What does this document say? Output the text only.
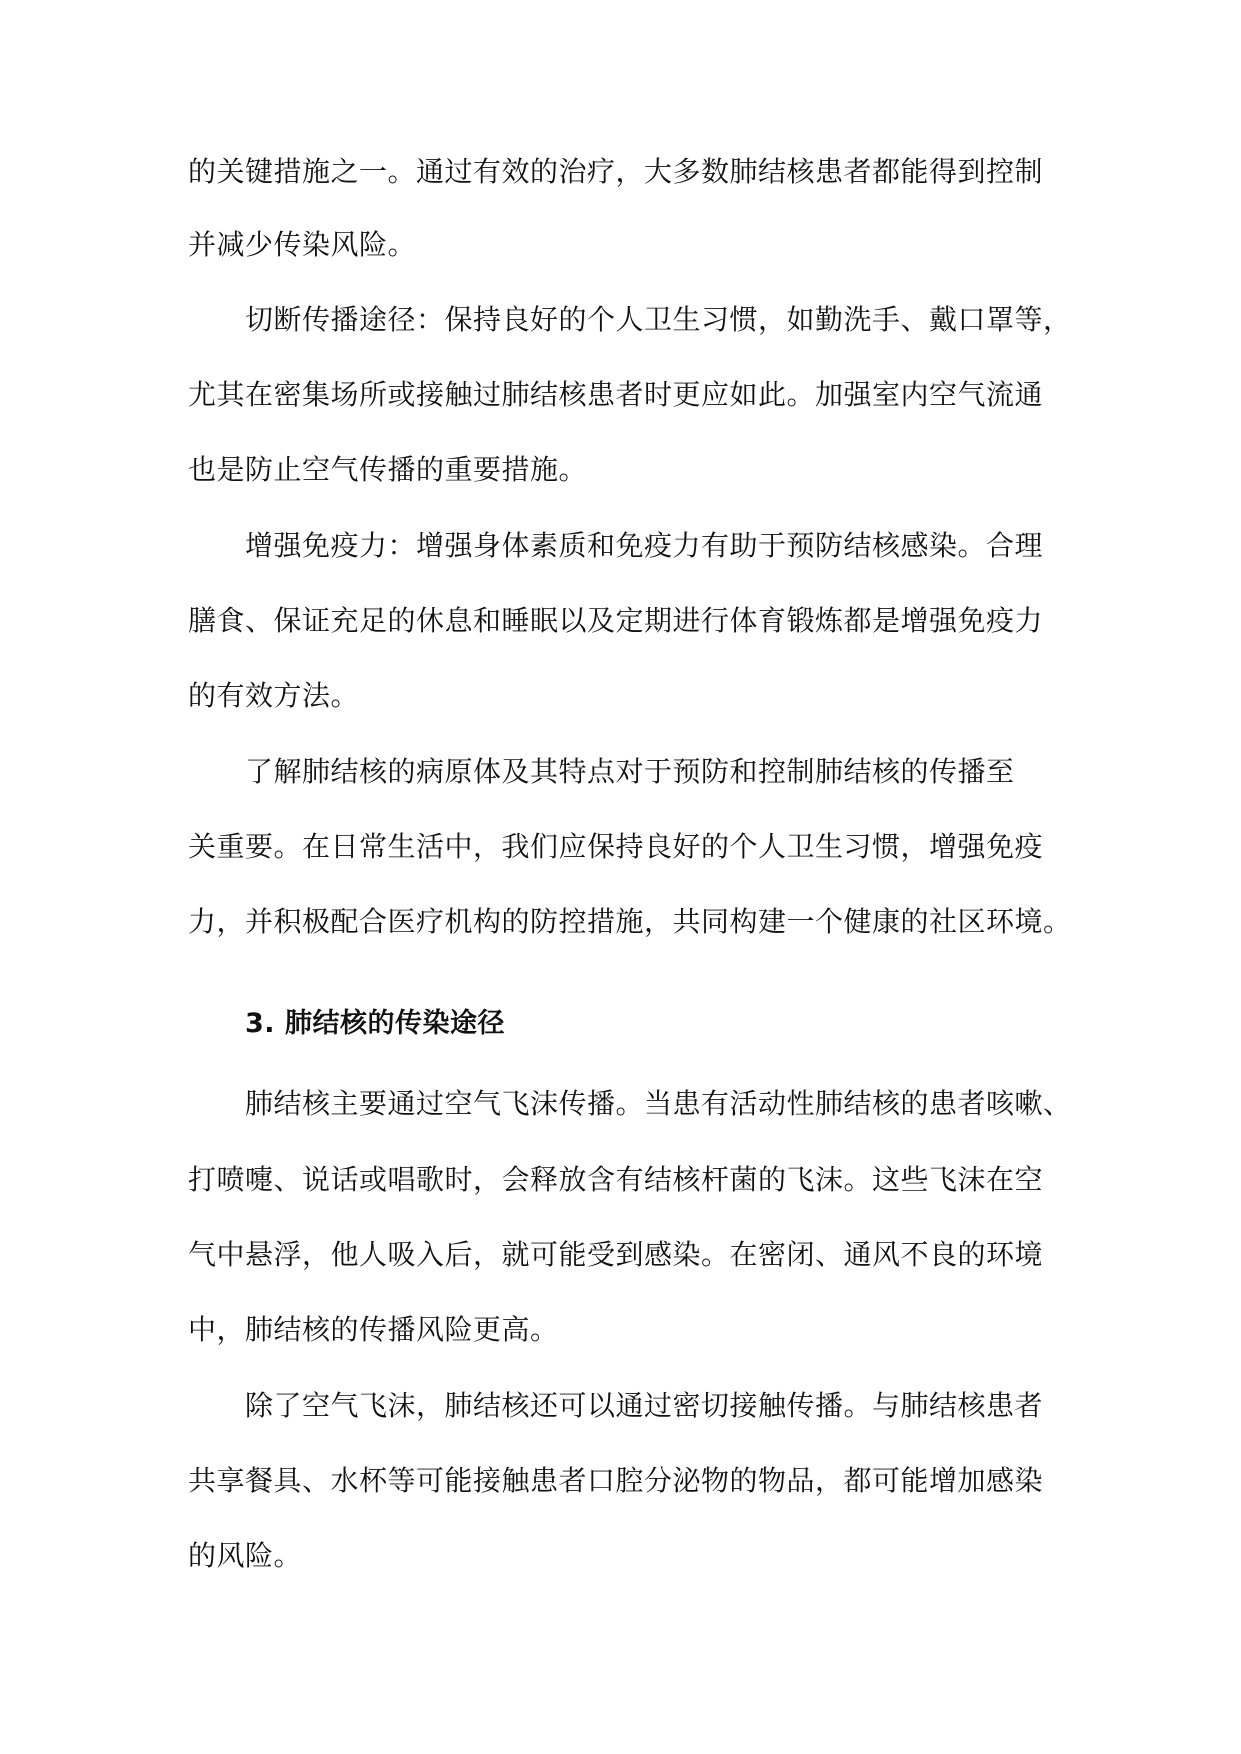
的关键措施之一。通过有效的治疗，大多数肺结核患者都能得到控制
并减少传染风险。
切断传播途径：保持良好的个人卫生习惯，如勤洗手、戴口罩等，
尤其在密集场所或接触过肺结核患者时更应如此。加强室内空气流通
也是防止空气传播的重要措施。
增强免疫力：增强身体素质和免疫力有助于预防结核感染。合理
膳食、保证充足的休息和睡眠以及定期进行体育锻炼都是增强免疫力
的有效方法。
了解肺结核的病原体及其特点对于预防和控制肺结核的传播至
关重要。在日常生活中，我们应保持良好的个人卫生习惯，增强免疫
力，并积极配合医疗机构的防控措施，共同构建一个健康的社区环境。
3. 肺结核的传染途径
肺结核主要通过空气飞沫传播。当患有活动性肺结核的患者咳嗽、
打喷嚏、说话或唱歌时，会释放含有结核杆菌的飞沫。这些飞沫在空
气中悬浮，他人吸入后，就可能受到感染。在密闭、通风不良的环境
中，肺结核的传播风险更高。
除了空气飞沫，肺结核还可以通过密切接触传播。与肺结核患者
共享餐具、水杯等可能接触患者口腔分泌物的物品，都可能增加感染
的风险。
